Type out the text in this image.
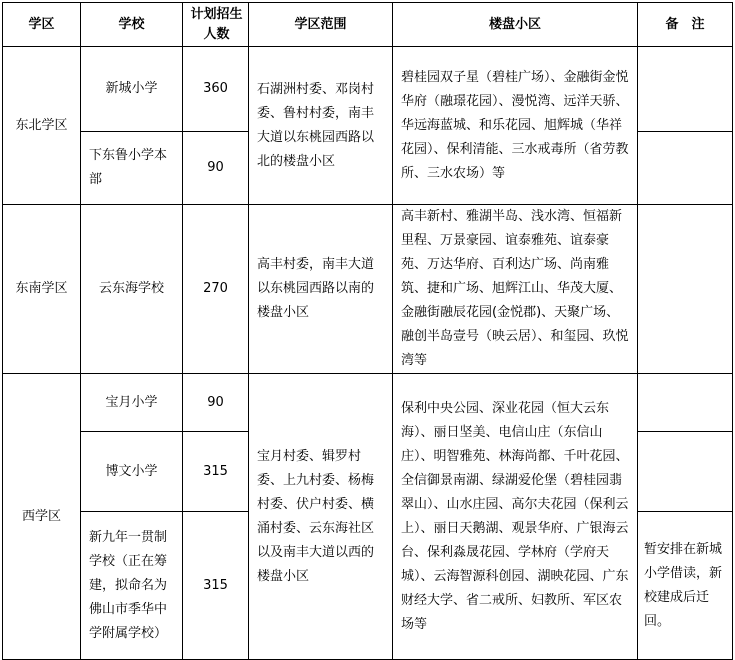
学区	学校	计划招生人数	学区范围	楼盘小区	备　注
东北学区	新城小学	360	石湖洲村委、邓岗村委、鲁村村委，南丰大道以东桃园西路以北的楼盘小区	碧桂园双子星（碧桂广场）、金融街金悦华府（融璟花园）、漫悦湾、远洋天骄、华远海蓝城、和乐花园、旭辉城（华祥花园）、保利清能、三水戒毒所（省劳教所、三水农场）等	
	下东鲁小学本部	90			
东南学区	云东海学校	270	高丰村委，南丰大道以东桃园西路以南的楼盘小区	高丰新村、雅湖半岛、浅水湾、恒福新里程、万景豪园、谊泰雅苑、谊泰豪苑、万达华府、百利达广场、尚南雅筑、捷和广场、旭辉江山、华茂大厦、金融街融辰花园(金悦郡)、天聚广场、融创半岛壹号（映云居）、和玺园、玖悦湾等	
西学区	宝月小学	90	宝月村委、辑罗村委、上九村委、杨梅村委、伏户村委、横涌村委、云东海社区以及南丰大道以西的楼盘小区	保利中央公园、深业花园（恒大云东海）、丽日坚美、电信山庄（东信山庄）、明智雅苑、林海尚都、千叶花园、全信御景南湖、绿湖爱伦堡（碧桂园翡翠山）、山水庄园、高尔夫花园（保利云上）、丽日天鹅湖、观景华府、广银海云台、保利淼晟花园、学林府（学府天城）、云海智源科创园、湖映花园、广东财经大学、省二戒所、妇教所、军区农场等	
	博文小学	315			
	新九年一贯制学校（正在筹建，拟命名为佛山市季华中学附属学校）	315			暂安排在新城小学借读，新校建成后迁回。
